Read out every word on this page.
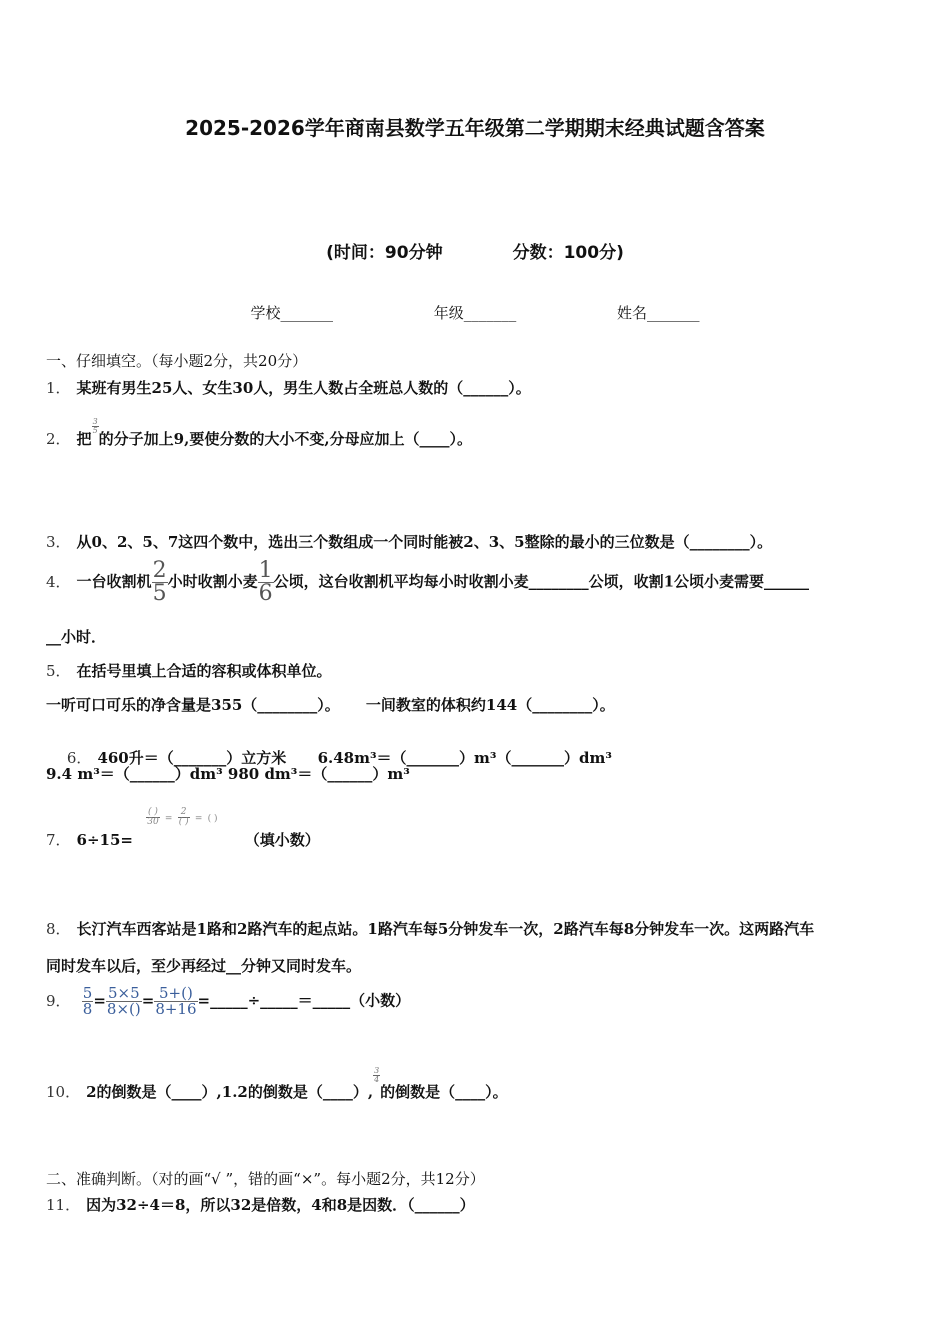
2025-2026学年商南县数学五年级第二学期期末经典试题含答案
(时间：90分钟	分数：100分)
学校_______	年级_______	姓名_______
一、仔细填空。（每小题2分，共20分）
1． 某班有男生25人、女生30人，男生人数占全班总人数的（______）。
2． 把
$\frac{3}{5}$
的分子加上9,要使分数的大小不变,分母应加上（____）。
3． 从0、2、5、7这四个数中，选出三个数组成一个同时能被2、3、5整除的最小的三位数是（________）。
4． 一台收割机 $\frac{2}{5}$ 小时收割小麦 $\frac{1}{6}$ 公顷，这台收割机平均每小时收割小麦________公顷，收割1公顷小麦需要______
__小时．
5． 在括号里填上合适的容积或体积单位。
一听可口可乐的净含量是355（________）。     一间教室的体积约144（________）。

6． 460升＝（_______）立方米      6.48m³＝（_______）m³（_______）dm³

9.4 m³＝（______）dm³ 980 dm³＝（______）m³
7． 6÷15=
$\frac{( )}{30} = \frac{2}{( )}$ = ( ) （填小数）
8． 长汀汽车西客站是1路和2路汽车的起点站。1路汽车每5分钟发车一次，2路汽车每8分钟发车一次。这两路汽车
同时发车以后，至少再经过__分钟又同时发车。
9． $\frac{5}{8} = \frac{5\times 5}{8\times()} = \frac{5+()}{8+16}$ =_____÷_____＝_____（小数）
10． 2的倒数是（____）,1.2的倒数是（____）,
$\frac{3}{4}$
的倒数是（____）。
二、准确判断。（对的画“√ ”，错的画“×”。每小题2分，共12分）
11． 因为32÷4＝8，所以32是倍数，4和8是因数．（______）
